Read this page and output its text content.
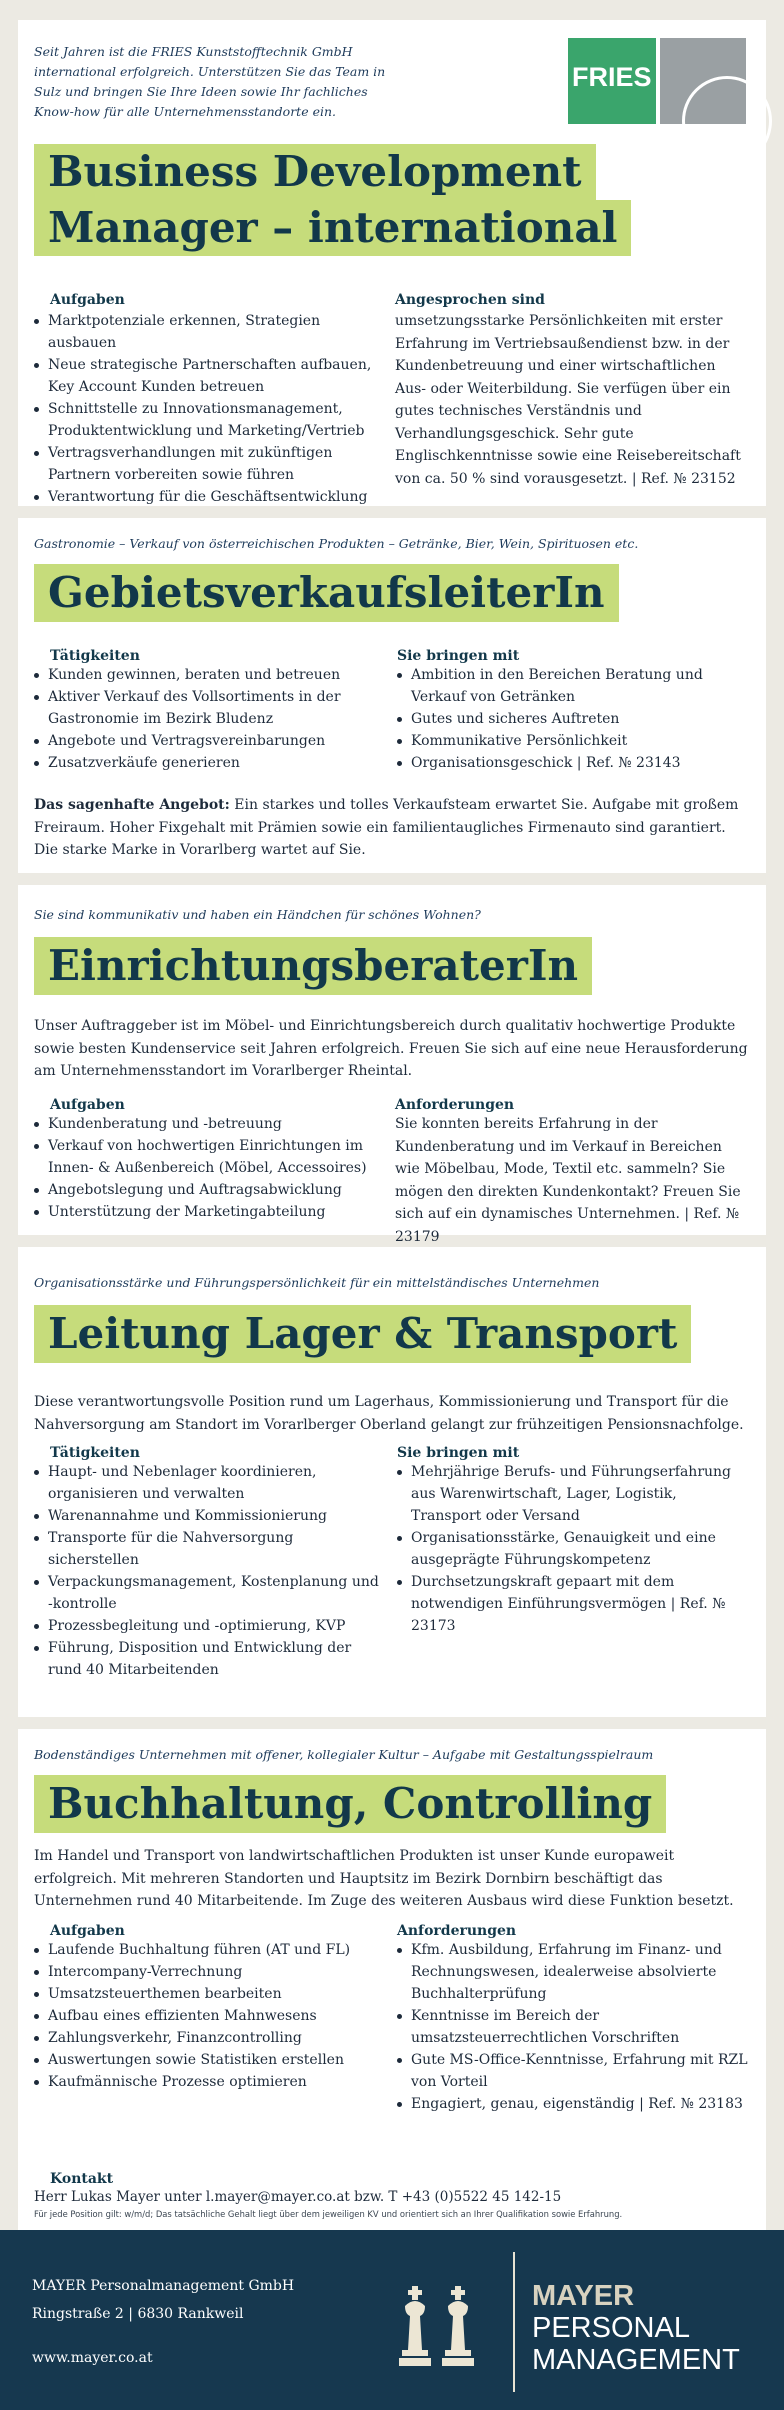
Seit Jahren ist die FRIES Kunststofftechnik GmbH international erfolgreich. Unterstützen Sie das Team in Sulz und bringen Sie Ihre Ideen sowie Ihr fachliches Know-how für alle Unternehmensstandorte ein.
FRIES
Business Development
Manager – international
Aufgaben
Marktpotenziale erkennen, Strategien ausbauen
Neue strategische Partnerschaften aufbauen, Key Account Kunden betreuen
Schnittstelle zu Innovationsmanagement, Produktentwicklung und Marketing/Vertrieb
Vertragsverhandlungen mit zukünftigen Partnern vorbereiten sowie führen
Verantwortung für die Geschäftsentwicklung
Angesprochen sind
umsetzungsstarke Persönlichkeiten mit erster Erfahrung im Vertriebsaußendienst bzw. in der Kundenbetreuung und einer wirtschaftlichen Aus- oder Weiterbildung. Sie verfügen über ein gutes technisches Verständnis und Verhandlungsgeschick. Sehr gute Englischkenntnisse sowie eine Reisebereitschaft von ca. 50 % sind vorausgesetzt. | Ref. № 23152
Gastronomie – Verkauf von österreichischen Produkten – Getränke, Bier, Wein, Spirituosen etc.
GebietsverkaufsleiterIn
Tätigkeiten
Kunden gewinnen, beraten und betreuen
Aktiver Verkauf des Vollsortiments in der Gastronomie im Bezirk Bludenz
Angebote und Vertragsvereinbarungen
Zusatzverkäufe generieren
Sie bringen mit
Ambition in den Bereichen Beratung und Verkauf von Getränken
Gutes und sicheres Auftreten
Kommunikative Persönlichkeit
Organisationsgeschick | Ref. № 23143
Das sagenhafte Angebot: Ein starkes und tolles Verkaufsteam erwartet Sie. Aufgabe mit großem Freiraum. Hoher Fixgehalt mit Prämien sowie ein familientaugliches Firmenauto sind garantiert. Die starke Marke in Vorarlberg wartet auf Sie.
Sie sind kommunikativ und haben ein Händchen für schönes Wohnen?
EinrichtungsberaterIn
Unser Auftraggeber ist im Möbel- und Einrichtungsbereich durch qualitativ hochwertige Produkte sowie besten Kundenservice seit Jahren erfolgreich. Freuen Sie sich auf eine neue Herausforderung am Unternehmensstandort im Vorarlberger Rheintal.
Aufgaben
Kundenberatung und -betreuung
Verkauf von hochwertigen Einrichtungen im Innen- & Außenbereich (Möbel, Accessoires)
Angebotslegung und Auftragsabwicklung
Unterstützung der Marketingabteilung
Anforderungen
Sie konnten bereits Erfahrung in der Kundenberatung und im Verkauf in Bereichen wie Möbelbau, Mode, Textil etc. sammeln? Sie mögen den direkten Kundenkontakt? Freuen Sie sich auf ein dynamisches Unternehmen. | Ref. № 23179
Organisationsstärke und Führungspersönlichkeit für ein mittelständisches Unternehmen
Leitung Lager & Transport
Diese verantwortungsvolle Position rund um Lagerhaus, Kommissionierung und Transport für die Nahversorgung am Standort im Vorarlberger Oberland gelangt zur frühzeitigen Pensionsnachfolge.
Tätigkeiten
Haupt- und Nebenlager koordinieren, organisieren und verwalten
Warenannahme und Kommissionierung
Transporte für die Nahversorgung sicherstellen
Verpackungsmanagement, Kostenplanung und -kontrolle
Prozessbegleitung und -optimierung, KVP
Führung, Disposition und Entwicklung der rund 40 Mitarbeitenden
Sie bringen mit
Mehrjährige Berufs- und Führungserfahrung aus Warenwirtschaft, Lager, Logistik, Transport oder Versand
Organisationsstärke, Genauigkeit und eine ausgeprägte Führungskompetenz
Durchsetzungskraft gepaart mit dem notwendigen Einführungsvermögen | Ref. № 23173
Bodenständiges Unternehmen mit offener, kollegialer Kultur – Aufgabe mit Gestaltungsspielraum
Buchhaltung, Controlling
Im Handel und Transport von landwirtschaftlichen Produkten ist unser Kunde europaweit erfolgreich. Mit mehreren Standorten und Hauptsitz im Bezirk Dornbirn beschäftigt das Unternehmen rund 40 Mitarbeitende. Im Zuge des weiteren Ausbaus wird diese Funktion besetzt.
Aufgaben
Laufende Buchhaltung führen (AT und FL)
Intercompany-Verrechnung
Umsatzsteuerthemen bearbeiten
Aufbau eines effizienten Mahnwesens
Zahlungsverkehr, Finanzcontrolling
Auswertungen sowie Statistiken erstellen
Kaufmännische Prozesse optimieren
Anforderungen
Kfm. Ausbildung, Erfahrung im Finanz- und Rechnungswesen, idealerweise absolvierte Buchhalterprüfung
Kenntnisse im Bereich der umsatzsteuerrechtlichen Vorschriften
Gute MS-Office-Kenntnisse, Erfahrung mit RZL von Vorteil
Engagiert, genau, eigenständig | Ref. № 23183
Kontakt
Herr Lukas Mayer unter l.mayer@mayer.co.at bzw. T +43 (0)5522 45 142-15
Für jede Position gilt: w/m/d; Das tatsächliche Gehalt liegt über dem jeweiligen KV und orientiert sich an Ihrer Qualifikation sowie Erfahrung.
MAYER Personalmanagement GmbH
Ringstraße 2 | 6830 Rankweil
www.mayer.co.at
MAYER
PERSONAL
MANAGEMENT
